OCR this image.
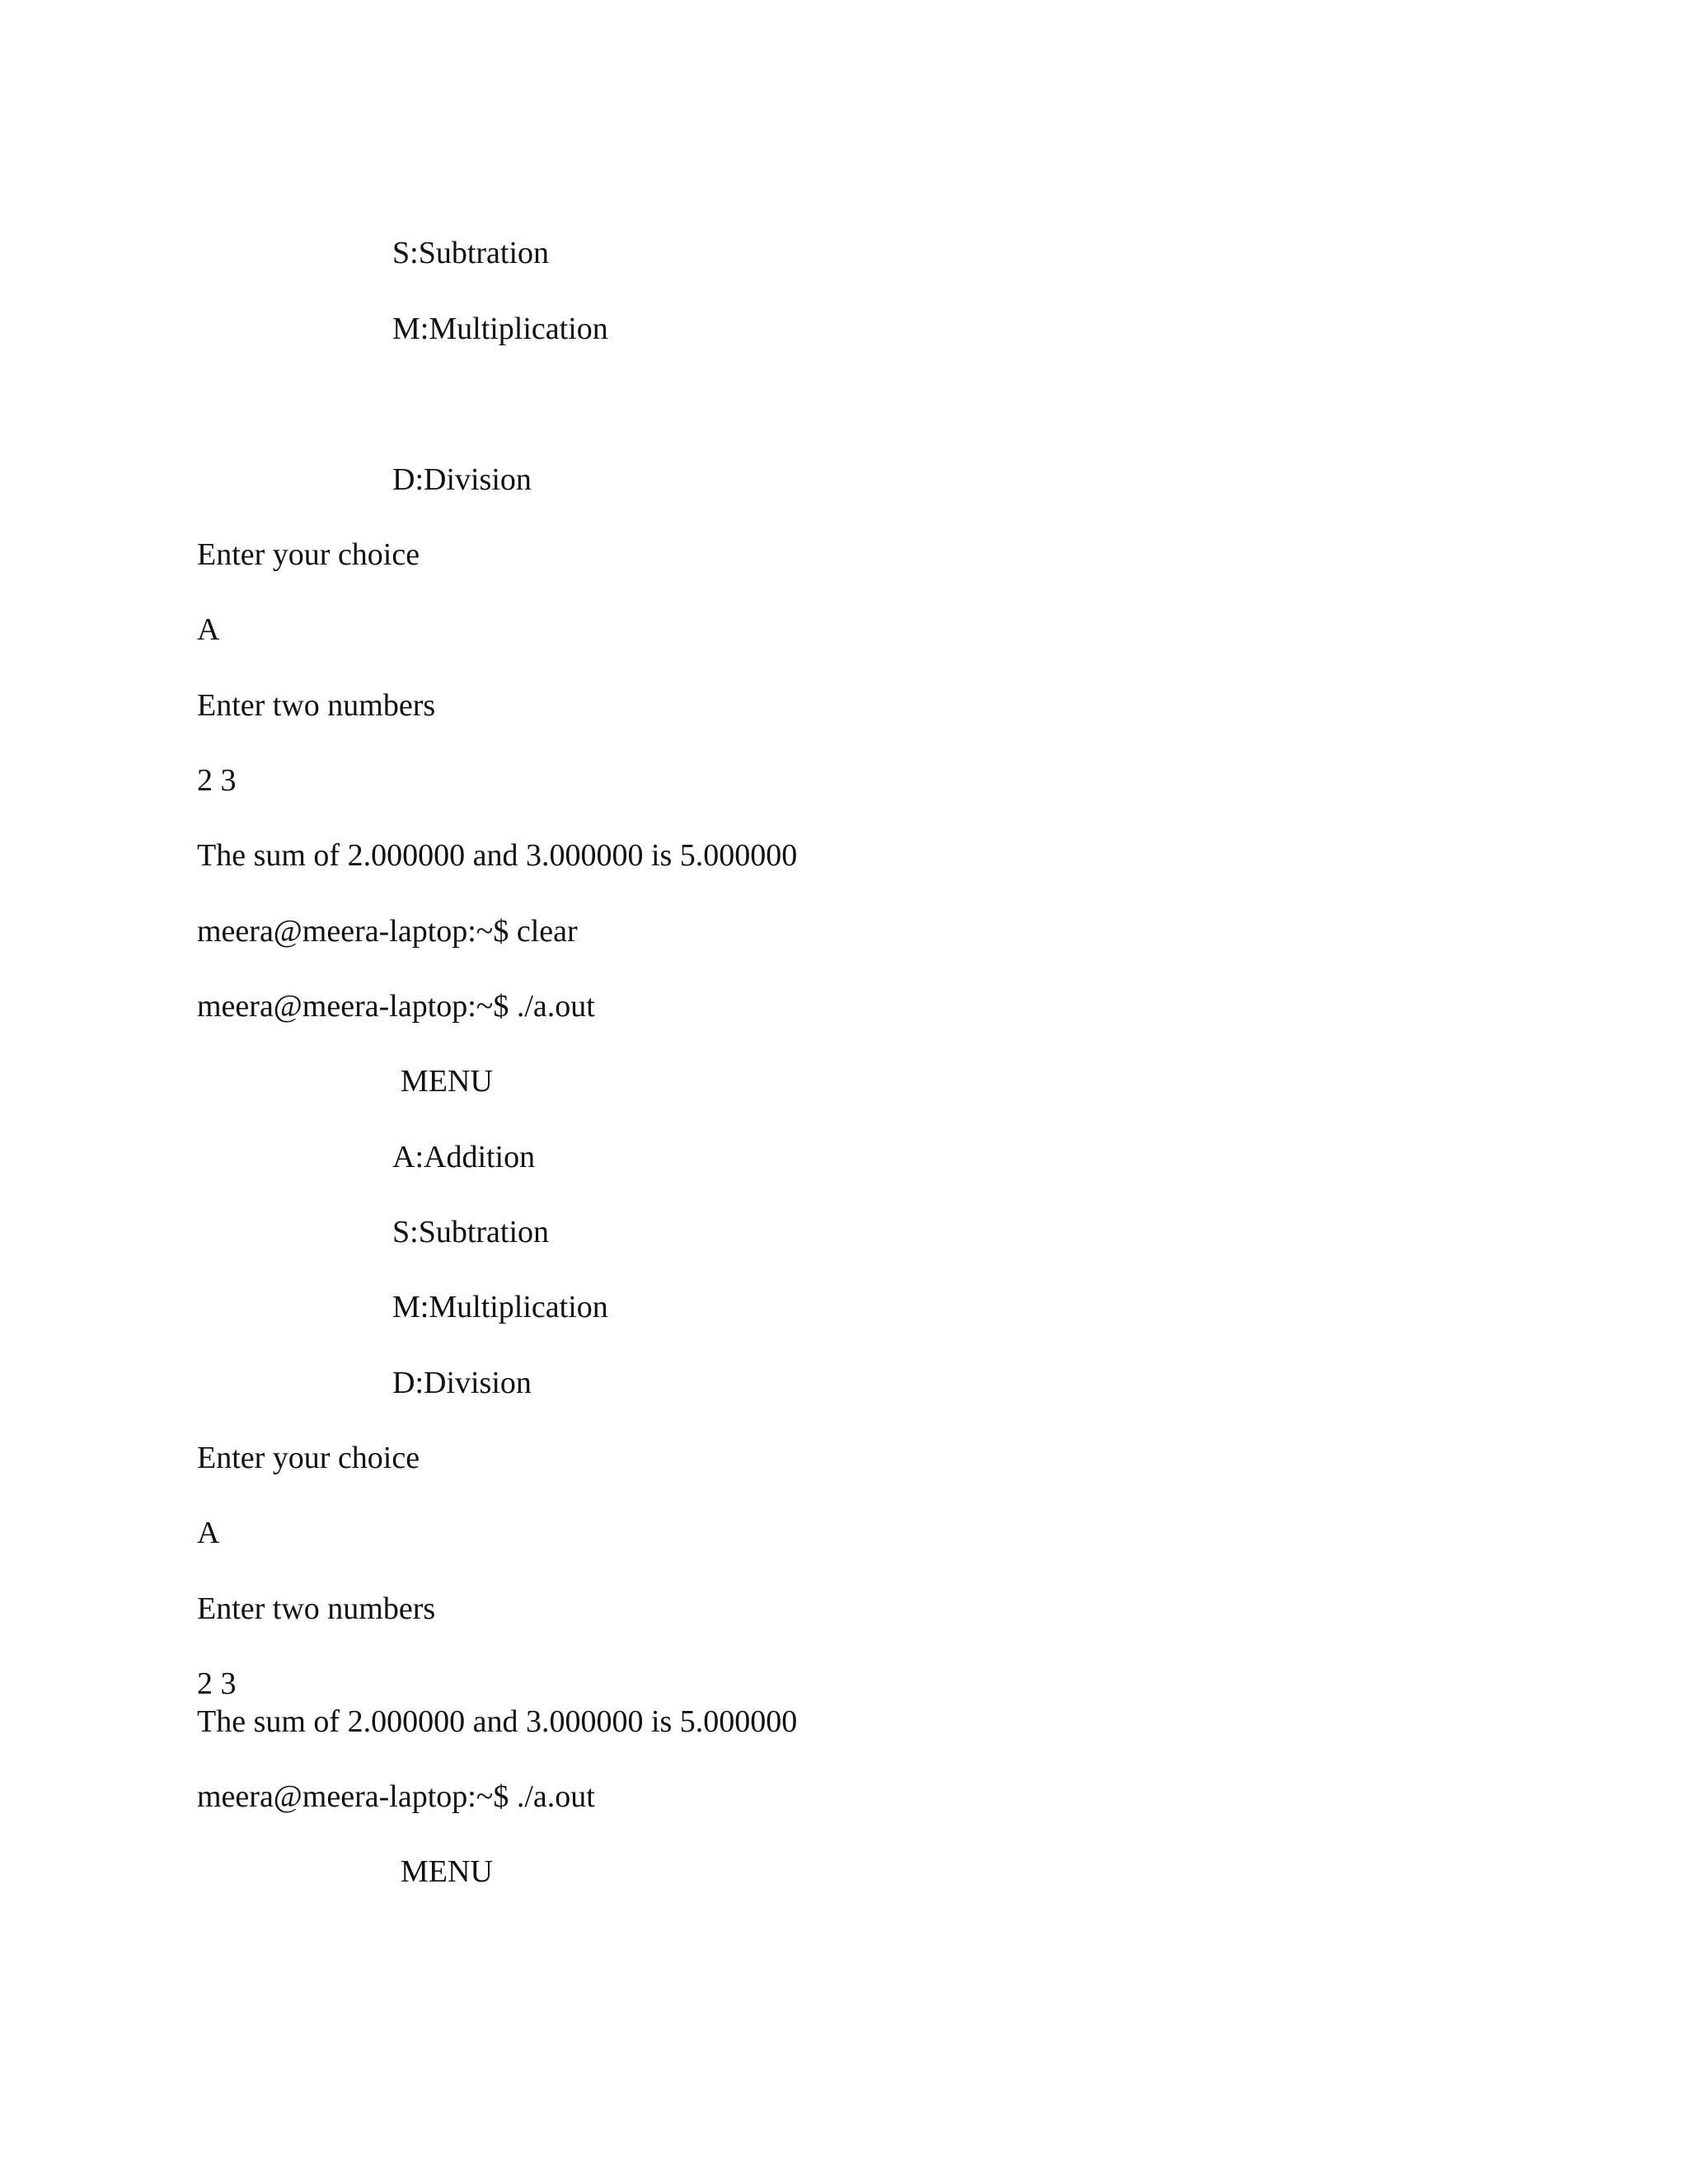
S:Subtration

M:Multiplication

D:Division

Enter your choice

A

Enter two numbers

2 3

The sum of 2.000000 and 3.000000 is 5.000000

meera@meera-laptop:~$ clear

meera@meera-laptop:~$ ./a.out

MENU

A:Addition

S:Subtration

M:Multiplication

D:Division

Enter your choice

A

Enter two numbers

2 3

The sum of 2.000000 and 3.000000 is 5.000000

meera@meera-laptop:~$ ./a.out

MENU
